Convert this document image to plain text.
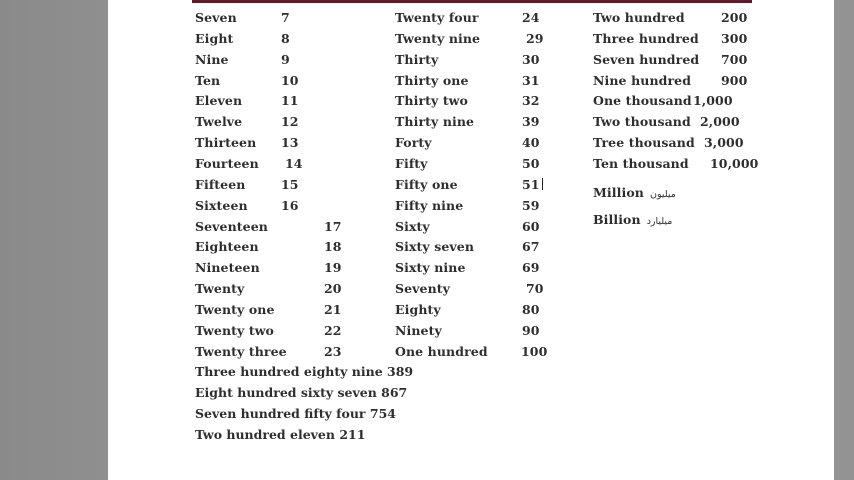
Seven	7
Eight	8
Nine	9
Ten	10
Eleven	11
Twelve	12
Thirteen 13
Fourteen 14
Fifteen	15
Sixteen	16
Seventeen	17
Eighteen	18
Nineteen	19
Twenty	20
Twenty one	21
Twenty two	22
Twenty three	23
Twenty four	24
Twenty nine	29
Thirty	30
Thirty one	31
Thirty two	32
Thirty nine	39
Forty	40
Fifty	50
Fifty one	51
Fifty nine	59
Sixty	60
Sixty seven	67
Sixty nine	69
Seventy	70
Eighty	80
Ninety	90
One hundred	100
Two hundred	200
Three hundred 300
Seven hundred 700
Nine hundred 900
One thousand 1,000
Two thousand 2,000
Tree thousand 3,000
Ten thousand 10,000
Million ميليون
Billion ميليارد
Three hundred eighty nine 389
Eight hundred sixty seven 867
Seven hundred fifty four 754
Two hundred eleven 211
